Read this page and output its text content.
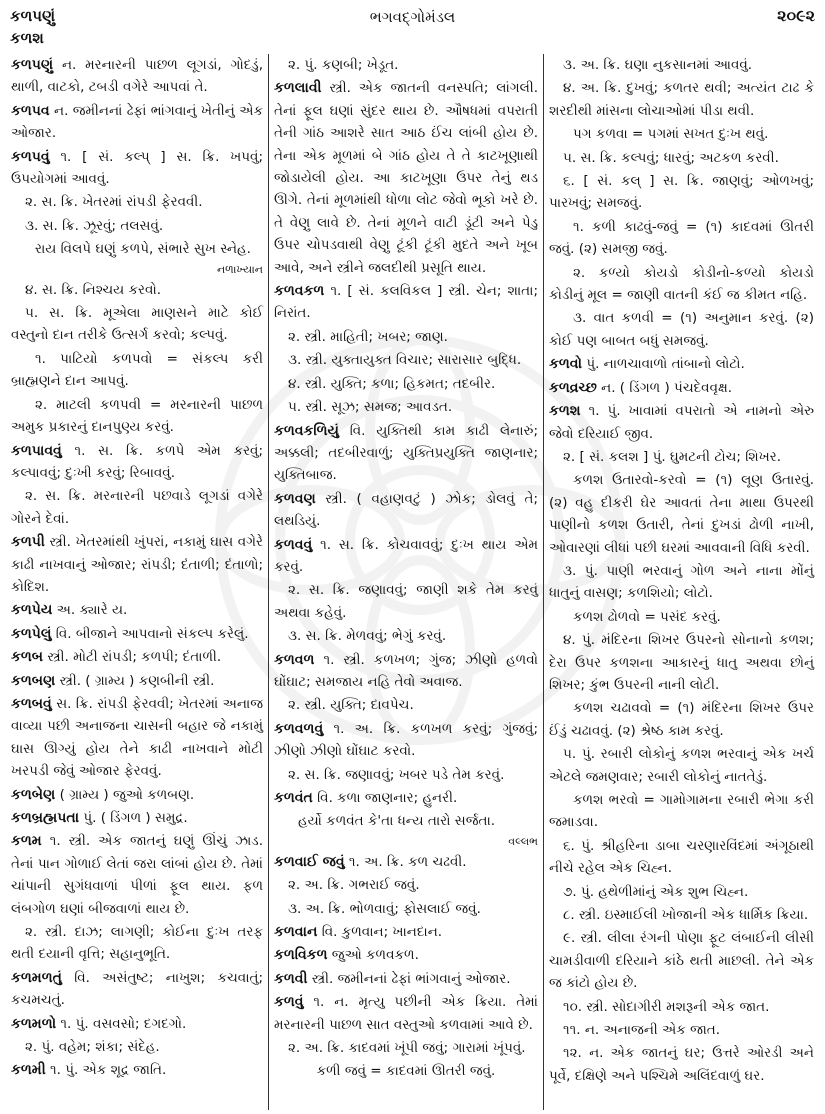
કળપણું
કળશ
ભગવદ્ગોમંડલ	૨૦૯૨

કળપણું ન. મરનારની પાછળ લૂગડાં, ગોદડું, થાળી, વાટકો, ટબડી વગેરે આપવાં તે.

કળપવ ન. જમીનનાં ઢેફાં ભાંગવાનું ખેતીનું એક ઓજાર.

કળપવું ૧. [ સં. કલ્પ્ ] સ. ક્રિ. ખપવું; ઉપયોગમાં આવવું.

૨. સ. ક્રિ. ખેતરમાં રાંપડી ફેરવવી.

૩. સ. ક્રિ. ઝૂરવું; તલસવું.

રાય વિલપે ઘણું કળપે, સંભારે સુખ સ્નેહ.

નળાખ્યાન

૪. સ. ક્રિ. નિશ્ચય કરવો.

૫. સ. ક્રિ. મૂએલા માણસને માટે કોઈ વસ્તુનો દાન તરીકે ઉત્સર્ગ કરવો; કલ્પવું.

૧. પાટિયો કળપવો = સંકલ્પ કરી બ્રાહ્મણને દાન આપવું.

૨. માટલી કળપવી = મરનારની પાછળ અમુક પ્રકારનું દાનપુણ્ય કરવું.

કળપાવવું ૧. સ. ક્રિ. કળપે એમ કરવું; કલ્પાવવું; દુઃખી કરવું; રિબાવવું.

૨. સ. ક્રિ. મરનારની પછવાડે લૂગડાં વગેરે ગોરને દેવાં.

કળપી સ્ત્રી. ખેતરમાંથી ખુંપરાં, નકામું ઘાસ વગેરે કાઢી નાખવાનું ઓજાર; રાંપડી; દંતાળી; દંતાળો; કોદિશ.

કળપેય અ. ક્યારે ય.

કળપેલું વિ. બીજાને આપવાનો સંકલ્પ કરેલું.

કળબ સ્ત્રી. મોટી રાંપડી; કળપી; દંતાળી.

કળબણ સ્ત્રી. ( ગ્રામ્ય ) કણબીની સ્ત્રી.

કળબવું સ. ક્રિ. રાંપડી ફેરવવી; ખેતરમાં અનાજ વાવ્યા પછી અનાજના ચાસની બહાર જે નકામું ઘાસ ઊગ્યું હોય તેને કાઢી નાખવાને મોટી ખરપડી જેવું ઓજાર ફેરવવું.

કળબેણ ( ગ્રામ્ય ) જુઓ કળબણ.

કળબ્રહ્મપતા પું. ( ડિંગળ ) સમુદ્ર.

કળમ ૧. સ્ત્રી. એક જાતનું ઘણું ઊંચું ઝાડ. તેનાં પાન ગોળાઈ લેતાં જરા લાંબાં હોય છે. તેમાં ચાંપાની સુગંધવાળાં પીળાં ફૂલ થાય. ફળ લંબગોળ ઘણાં બીજવાળાં થાય છે.

૨. સ્ત્રી. દાઝ; લાગણી; કોઈના દુઃખ તરફ થતી દયાની વૃત્તિ; સહાનુભૂતિ.

કળમળતું વિ. અસંતુષ્ટ; નાખુશ; કચવાતું; કચમચતું.

કળમળો ૧. પું. વસવસો; દગદગો.

૨. પું. વહેમ; શંકા; સંદેહ.

કળમી ૧. પું. એક શૂદ્ર જાતિ.

૨. પું. કણબી; ખેડૂત.

કળલાવી સ્ત્રી. એક જાતની વનસ્પતિ; લાંગલી. તેનાં ફૂલ ઘણાં સુંદર થાય છે. ઔષધમાં વપરાતી તેની ગાંઠ આશરે સાત આઠ ઈંચ લાંબી હોય છે. તેના એક મૂળમાં બે ગાંઠ હોય તે તે કાટખૂણાથી જોડાયેલી હોય. આ કાટખૂણા ઉપર તેનું થડ ઊગે. તેનાં મૂળમાંથી ધોળા લોટ જેવો ભૂકો ખરે છે. તે વેણુ લાવે છે. તેનાં મૂળને વાટી ડૂંટી અને પેડુ ઉપર ચોપડવાથી વેણુ ટૂંકી ટૂંકી મુદતે અને ખૂબ આવે, અને સ્ત્રીને જલદીથી પ્રસૂતિ થાય.

કળવકળ ૧. [ સં. કલવિકલ ] સ્ત્રી. ચેન; શાતા; નિરાંત.

૨. સ્ત્રી. માહિતી; ખબર; જાણ.

૩. સ્ત્રી. યુક્તાયુક્ત વિચાર; સારાસાર બુદ્ધિ.

૪. સ્ત્રી. યુક્તિ; કળા; હિકમત; તદબીર.

૫. સ્ત્રી. સૂઝ; સમજ; આવડત.

કળવકળિયું વિ. યુક્તિથી કામ કાઢી લેનારું; અક્કલી; તદબીરવાળું; યુક્તિપ્રયુક્તિ જાણનાર; યુક્તિબાજ.

કળવણ સ્ત્રી. ( વહાણવટું ) ઝોક; ડોલવું તે; લથડિયું.

કળવવું ૧. સ. ક્રિ. કોચવાવવું; દુઃખ થાય એમ કરવું.

૨. સ. ક્રિ. જણાવવું; જાણી શકે તેમ કરવું અથવા કહેવું.

૩. સ. ક્રિ. મેળવવું; ભેગું કરવું.

કળવળ ૧. સ્ત્રી. કળખળ; ગુંજ; ઝીણો હળવો ઘોંઘાટ; સમજાય નહિ તેવો અવાજ.

૨. સ્ત્રી. યુક્તિ; દાવપેચ.

કળવળવું ૧. અ. ક્રિ. કળખળ કરવું; ગુંજવું; ઝીણો ઝીણો ઘોંઘાટ કરવો.

૨. સ. ક્રિ. જણાવવું; ખબર પડે તેમ કરવું.

કળવંત વિ. કળા જાણનાર; હુનરી.

હર્યો કળવંત કે'તા ધન્ય તારો સર્જતા.

વલ્લભ

કળવાઈ જવું ૧. અ. ક્રિ. કળ ચઢવી.

૨. અ. ક્રિ. ગભરાઈ જવું.

૩. અ. ક્રિ. ભોળવાવું; ફોસલાઈ જવું.

કળવાન વિ. કુળવાન; ખાનદાન.

કળવિકળ જુઓ કળવકળ.

કળવી સ્ત્રી. જમીનનાં ઢેફાં ભાંગવાનું ઓજાર.

કળવું ૧. ન. મૃત્યુ પછીની એક ક્રિયા. તેમાં મરનારની પાછળ સાત વસ્તુઓ કળવામાં આવે છે.

૨. અ. ક્રિ. કાદવમાં ખૂંપી જવું; ગારામાં ખૂંપવું.

કળી જવું = કાદવમાં ઊતરી જવું.

૩. અ. ક્રિ. ઘણા નુકસાનમાં આવવું.

૪. અ. ક્રિ. દુખવું; કળતર થવી; અત્યંત ટાઢ કે શરદીથી માંસના લોચાઓમાં પીડા થવી.

પગ કળવા = પગમાં સખત દુઃખ થવું.

૫. સ. ક્રિ. કલ્પવું; ધારવું; અટકળ કરવી.

૬. [ સં. કલ્ ] સ. ક્રિ. જાણવું; ઓળખવું; પારખવું; સમજવું.

૧. કળી કાઢવું-જવું = (૧) કાદવમાં ઊતરી જવું. (૨) સમજી જવું.

૨. કળ્યો કોયડો કોડીનો-કળ્યો કોયડો કોડીનું મૂલ = જાણી વાતની કંઈ જ કીમત નહિ.

૩. વાત કળવી = (૧) અનુમાન કરવું. (૨) કોઈ પણ બાબત બધું સમજવું.

કળવો પું. નાળચાવાળો તાંબાનો લોટો.

કળવ્રચ્છ ન. ( ડિંગળ ) પંચદેવવૃક્ષ.

કળશ ૧. પું. ખાવામાં વપરાતો એ નામનો એરુ જેવો દરિયાઈ જીવ.

૨. [ સં. કલશ ] પું. ઘુમટની ટોચ; શિખર.

કળશ ઉતારવો-કરવો = (૧) લૂણ ઉતારવું. (૨) વહુ દીકરી ઘેર આવતાં તેના માથા ઉપરથી પાણીનો કળશ ઉતારી, તેનાં દુખડાં ઢોળી નાખી, ઓવારણાં લીધાં પછી ઘરમાં આવવાની વિધિ કરવી.

૩. પું. પાણી ભરવાનું ગોળ અને નાના મોંનું ધાતુનું વાસણ; કળશિયો; લોટો.

કળશ ઢોળવો = પસંદ કરવું.

૪. પું. મંદિરના શિખર ઉપરનો સોનાનો કળશ; દેરા ઉપર કળશના આકારનું ધાતુ અથવા છોનું શિખર; કુંભ ઉપરની નાની લોટી.

કળશ ચઢાવવો = (૧) મંદિરના શિખર ઉપર ઈંડું ચઢાવવું. (૨) શ્રેષ્ઠ કામ કરવું.

૫. પું. રબારી લોકોનું કળશ ભરવાનું એક ખર્ચ એટલે જમણવાર; રબારી લોકોનું નાતતેડું.

કળશ ભરવો = ગામોગામના રબારી ભેગા કરી જમાડવા.

૬. પું. શ્રીહરિના ડાબા ચરણારવિંદમાં અંગૂઠાથી નીચે રહેલ એક ચિહ્ન.

૭. પું. હથેળીમાંનું એક શુભ ચિહ્ન.

૮. સ્ત્રી. ઇસ્માઈલી ખોજાની એક ધાર્મિક ક્રિયા.

૯. સ્ત્રી. લીલા રંગની પોણા ફૂટ લંબાઈની લીસી ચામડીવાળી દરિયાને કાંઠે થતી માછલી. તેને એક જ કાંટો હોય છે.

૧૦. સ્ત્રી. સોદાગીરી મશરૂની એક જાત.

૧૧. ન. અનાજની એક જાત.

૧૨. ન. એક જાતનું ઘર; ઉત્તરે ઓરડી અને પૂર્વે, દક્ષિણે અને પશ્ચિમે અલિંદવાળું ઘર.
